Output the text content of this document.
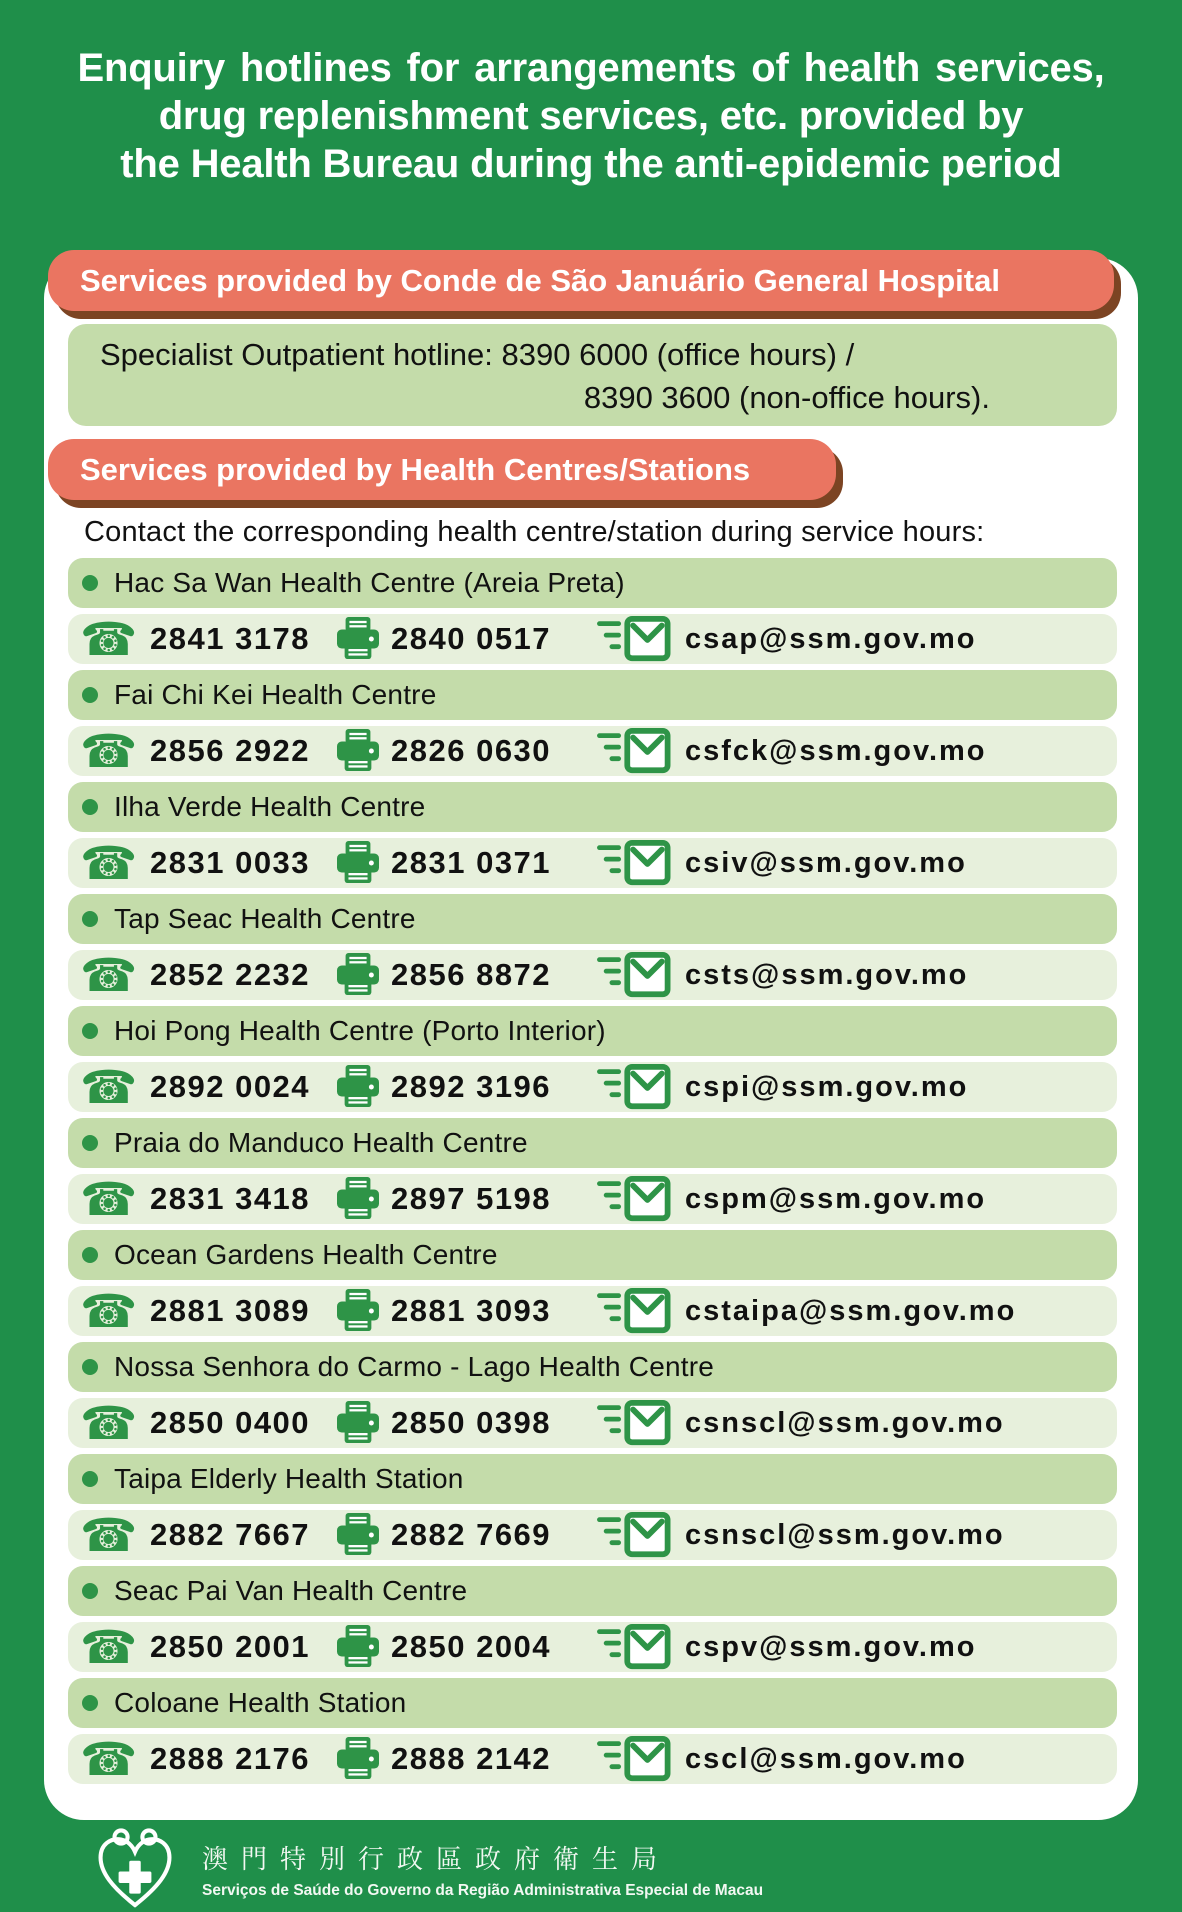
Enquiry hotlines for arrangements of health services,
drug replenishment services, etc. provided by
the Health Bureau during the anti-epidemic period
Services provided by Conde de São Januário General Hospital
Specialist Outpatient hotline: 8390 6000 (office hours) /
8390 3600 (non-office hours).
Services provided by Health Centres/Stations
Contact the corresponding health centre/station during service hours:
Hac Sa Wan Health Centre (Areia Preta)
☎ 2841 3178	2840 0517	csap@ssm.gov.mo
Fai Chi Kei Health Centre
☎ 2856 2922	2826 0630	csfck@ssm.gov.mo
Ilha Verde Health Centre
☎ 2831 0033	2831 0371	csiv@ssm.gov.mo
Tap Seac Health Centre
☎ 2852 2232	2856 8872	csts@ssm.gov.mo
Hoi Pong Health Centre (Porto Interior)
☎ 2892 0024	2892 3196	cspi@ssm.gov.mo
Praia do Manduco Health Centre
☎ 2831 3418	2897 5198	cspm@ssm.gov.mo
Ocean Gardens Health Centre
☎ 2881 3089	2881 3093	cstaipa@ssm.gov.mo
Nossa Senhora do Carmo - Lago Health Centre
☎ 2850 0400	2850 0398	csnscl@ssm.gov.mo
Taipa Elderly Health Station
☎ 2882 7667	2882 7669	csnscl@ssm.gov.mo
Seac Pai Van Health Centre
☎ 2850 2001	2850 2004	cspv@ssm.gov.mo
Coloane Health Station
☎ 2888 2176	2888 2142	cscl@ssm.gov.mo
澳門特別行政區政府衛生局
Serviços de Saúde do Governo da Região Administrativa Especial de Macau
